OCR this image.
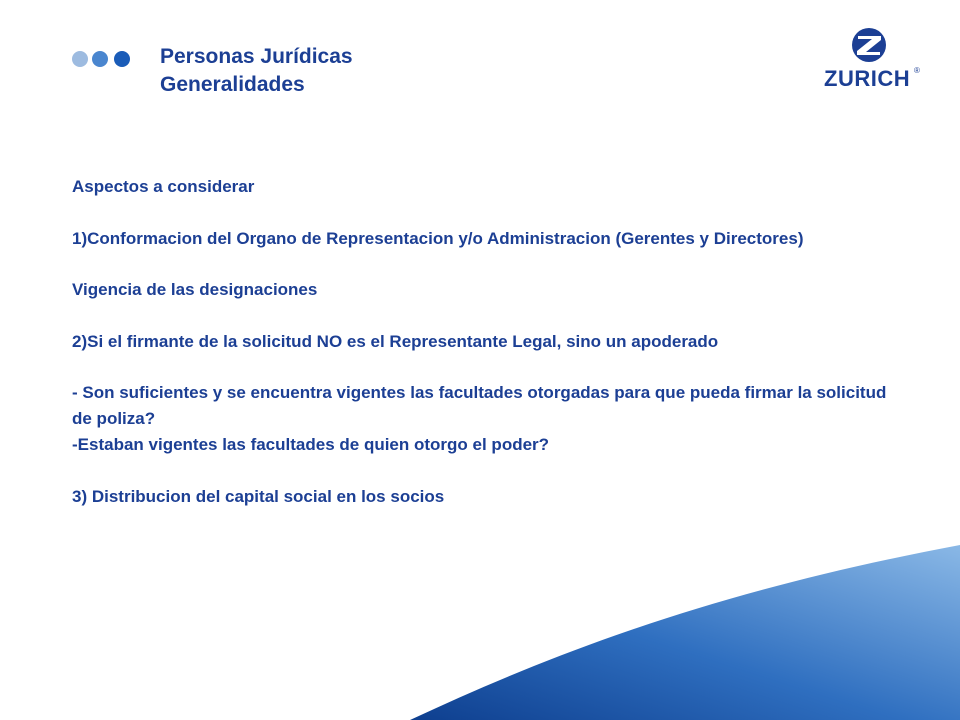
Personas Jurídicas
Generalidades	ZURICH ®

Aspectos a considerar

1)Conformacion del Organo de Representacion y/o Administracion (Gerentes y Directores)

Vigencia de las designaciones

2)Si el firmante de la solicitud NO es el Representante Legal, sino un apoderado

- Son suficientes y se encuentra vigentes las facultades otorgadas para que pueda firmar la solicitud de poliza?

-Estaban vigentes las facultades de quien otorgo el poder?

3) Distribucion del capital social en los socios
